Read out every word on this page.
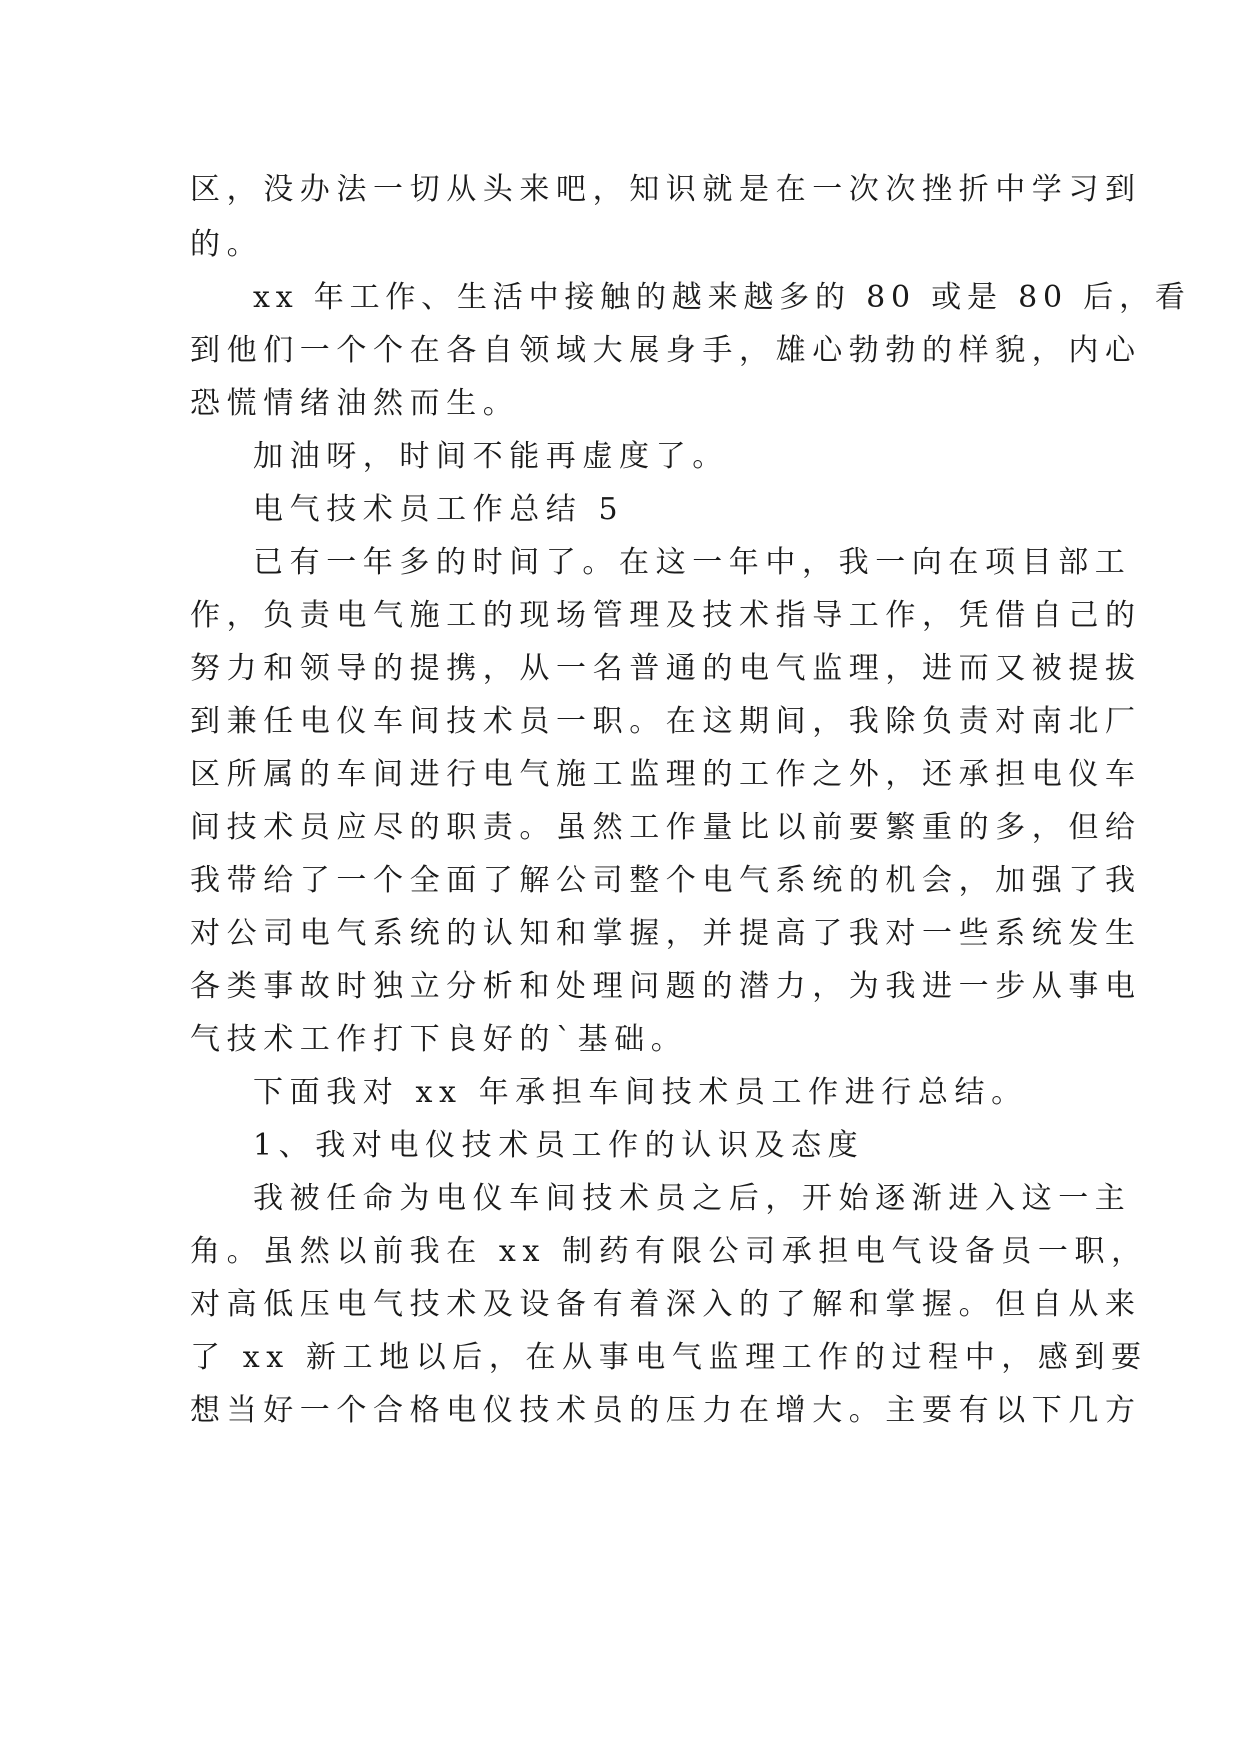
区，没办法一切从头来吧，知识就是在一次次挫折中学习到
的。
xx 年工作、生活中接触的越来越多的 80 或是 80 后，看
到他们一个个在各自领域大展身手，雄心勃勃的样貌，内心
恐慌情绪油然而生。
加油呀，时间不能再虚度了。
电气技术员工作总结 5
已有一年多的时间了。在这一年中，我一向在项目部工
作，负责电气施工的现场管理及技术指导工作，凭借自己的
努力和领导的提携，从一名普通的电气监理，进而又被提拔
到兼任电仪车间技术员一职。在这期间，我除负责对南北厂
区所属的车间进行电气施工监理的工作之外，还承担电仪车
间技术员应尽的职责。虽然工作量比以前要繁重的多，但给
我带给了一个全面了解公司整个电气系统的机会，加强了我
对公司电气系统的认知和掌握，并提高了我对一些系统发生
各类事故时独立分析和处理问题的潜力，为我进一步从事电
气技术工作打下良好的`基础。
下面我对 xx 年承担车间技术员工作进行总结。
1、我对电仪技术员工作的认识及态度
我被任命为电仪车间技术员之后，开始逐渐进入这一主
角。虽然以前我在 xx 制药有限公司承担电气设备员一职，
对高低压电气技术及设备有着深入的了解和掌握。但自从来
了 xx 新工地以后，在从事电气监理工作的过程中，感到要
想当好一个合格电仪技术员的压力在增大。主要有以下几方
